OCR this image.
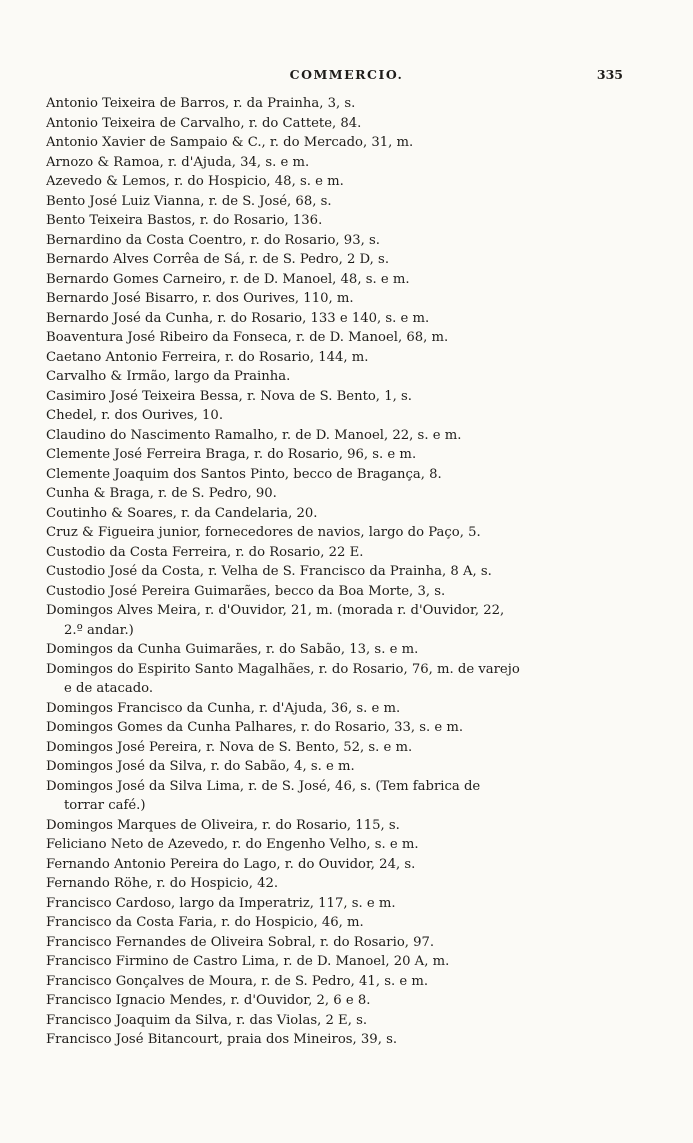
COMMERCIO.	335
Antonio Teixeira de Barros, r. da Prainha, 3, s.
Antonio Teixeira de Carvalho, r. do Cattete, 84.
Antonio Xavier de Sampaio & C., r. do Mercado, 31, m.
Arnozo & Ramoa, r. d'Ajuda, 34, s. e m.
Azevedo & Lemos, r. do Hospicio, 48, s. e m.
Bento José Luiz Vianna, r. de S. José, 68, s.
Bento Teixeira Bastos, r. do Rosario, 136.
Bernardino da Costa Coentro, r. do Rosario, 93, s.
Bernardo Alves Corrêa de Sá, r. de S. Pedro, 2 D, s.
Bernardo Gomes Carneiro, r. de D. Manoel, 48, s. e m.
Bernardo José Bisarro, r. dos Ourives, 110, m.
Bernardo José da Cunha, r. do Rosario, 133 e 140, s. e m.
Boaventura José Ribeiro da Fonseca, r. de D. Manoel, 68, m.
Caetano Antonio Ferreira, r. do Rosario, 144, m.
Carvalho & Irmão, largo da Prainha.
Casimiro José Teixeira Bessa, r. Nova de S. Bento, 1, s.
Chedel, r. dos Ourives, 10.
Claudino do Nascimento Ramalho, r. de D. Manoel, 22, s. e m.
Clemente José Ferreira Braga, r. do Rosario, 96, s. e m.
Clemente Joaquim dos Santos Pinto, becco de Bragança, 8.
Cunha & Braga, r. de S. Pedro, 90.
Coutinho & Soares, r. da Candelaria, 20.
Cruz & Figueira junior, fornecedores de navios, largo do Paço, 5.
Custodio da Costa Ferreira, r. do Rosario, 22 E.
Custodio José da Costa, r. Velha de S. Francisco da Prainha, 8 A, s.
Custodio José Pereira Guimarães, becco da Boa Morte, 3, s.
Domingos Alves Meira, r. d'Ouvidor, 21, m. (morada r. d'Ouvidor, 22,
2.º andar.)
Domingos da Cunha Guimarães, r. do Sabão, 13, s. e m.
Domingos do Espirito Santo Magalhães, r. do Rosario, 76, m. de varejo
e de atacado.
Domingos Francisco da Cunha, r. d'Ajuda, 36, s. e m.
Domingos Gomes da Cunha Palhares, r. do Rosario, 33, s. e m.
Domingos José Pereira, r. Nova de S. Bento, 52, s. e m.
Domingos José da Silva, r. do Sabão, 4, s. e m.
Domingos José da Silva Lima, r. de S. José, 46, s. (Tem fabrica de
torrar café.)
Domingos Marques de Oliveira, r. do Rosario, 115, s.
Feliciano Neto de Azevedo, r. do Engenho Velho, s. e m.
Fernando Antonio Pereira do Lago, r. do Ouvidor, 24, s.
Fernando Röhe, r. do Hospicio, 42.
Francisco Cardoso, largo da Imperatriz, 117, s. e m.
Francisco da Costa Faria, r. do Hospicio, 46, m.
Francisco Fernandes de Oliveira Sobral, r. do Rosario, 97.
Francisco Firmino de Castro Lima, r. de D. Manoel, 20 A, m.
Francisco Gonçalves de Moura, r. de S. Pedro, 41, s. e m.
Francisco Ignacio Mendes, r. d'Ouvidor, 2, 6 e 8.
Francisco Joaquim da Silva, r. das Violas, 2 E, s.
Francisco José Bitancourt, praia dos Mineiros, 39, s.
